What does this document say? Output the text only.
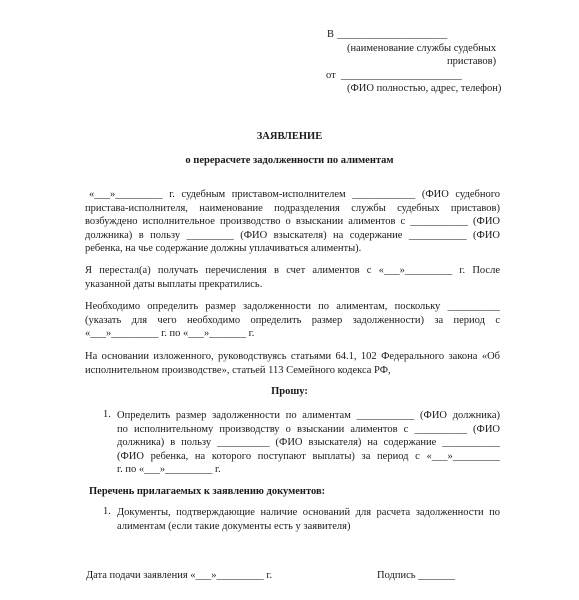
В _____________________
(наименование службы судебных
приставов)
от _______________________
(ФИО полностью, адрес, телефон)
ЗАЯВЛЕНИЕ
о перерасчете задолженности по алиментам
«___»_________ г. судебным приставом-исполнителем ____________ (ФИО судебного
пристава-исполнителя, наименование подразделения службы судебных приставов)
возбуждено исполнительное производство о взыскании алиментов с ___________ (ФИО
должника) в пользу _________ (ФИО взыскателя) на содержание ___________ (ФИО
ребенка, на чье содержание должны уплачиваться алименты).
Я перестал(а) получать перечисления в счет алиментов с «___»_________ г. После
указанной даты выплаты прекратились.
Необходимо определить размер задолженности по алиментам, поскольку __________
(указать для чего необходимо определить размер задолженности) за период с
«___»_________ г. по «___»_______ г.
На основании изложенного, руководствуясь статьями 64.1, 102 Федерального закона «Об
исполнительном производстве», статьей 113 Семейного кодекса РФ,
Прошу:
1. Определить размер задолженности по алиментам ___________ (ФИО должника)
по исполнительному производству о взыскании алиментов с __________ (ФИО
должника) в пользу __________ (ФИО взыскателя) на содержание ___________
(ФИО ребенка, на которого поступают выплаты) за период с «___»_________
г. по «___»_________ г.
Перечень прилагаемых к заявлению документов:
1. Документы, подтверждающие наличие оснований для расчета задолженности по
алиментам (если такие документы есть у заявителя)
Дата подачи заявления «___»_________ г.	Подпись _______
